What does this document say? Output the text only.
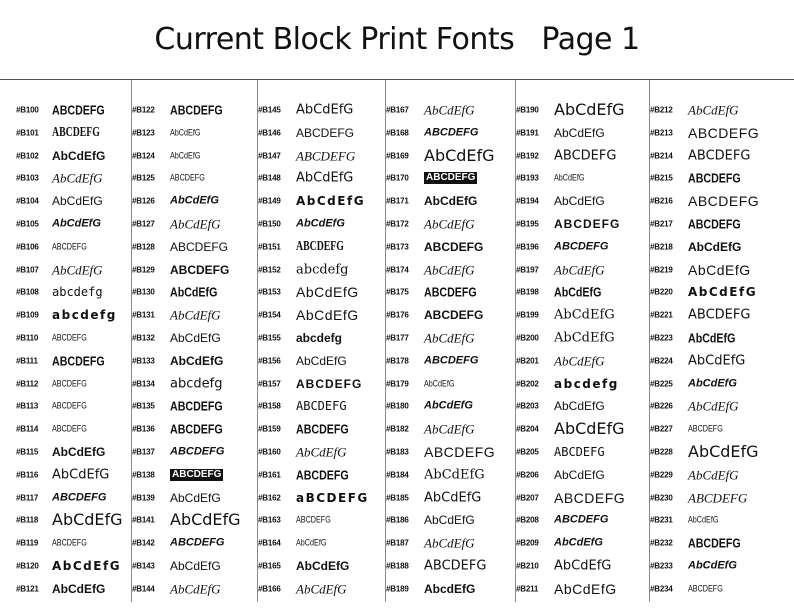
Current Block Print Fonts   Page 1
#B100 ABCDEFG
#B101 ABCDEFG
#B102 AbCdEfG
#B103 AbCdEfG
#B104 AbCdEfG
#B105 AbCdEfG
#B106 ABCDEFG
#B107 AbCdEfG
#B108 abcdefg
#B109 abcdefg
#B110 ABCDEFG
#B111 ABCDEFG
#B112 ABCDEFG
#B113 ABCDEFG
#B114 ABCDEFG
#B115 AbCdEfG
#B116 AbCdEfG
#B117 ABCDEFG
#B118 AbCdEfG
#B119 ABCDEFG
#B120 AbCdEfG
#B121 AbCdEfG
#B122 ABCDEFG
#B123 AbCdEfG
#B124 AbCdEfG
#B125 ABCDEFG
#B126 AbCdEfG
#B127 AbCdEfG
#B128 ABCDEFG
#B129 ABCDEFG
#B130 AbCdEfG
#B131 AbCdEfG
#B132 AbCdEfG
#B133 AbCdEfG
#B134 abcdefg
#B135 ABCDEFG
#B136 ABCDEFG
#B137 ABCDEFG
#B138 ABCDEFG
#B139 AbCdEfG
#B141 AbCdEfG
#B142 ABCDEFG
#B143 AbCdEfG
#B144 AbCdEfG
#B145 AbCdEfG
#B146 ABCDEFG
#B147 ABCDEFG
#B148 AbCdEfG
#B149 AbCdEfG
#B150 AbCdEfG
#B151 ABCDEFG
#B152 abcdefg
#B153 AbCdEfG
#B154 AbCdEfG
#B155 abcdefg
#B156 AbCdEfG
#B157 ABCDEFG
#B158 ABCDEFG
#B159 ABCDEFG
#B160 AbCdEfG
#B161 ABCDEFG
#B162 aBCDEFG
#B163 ABCDEFG
#B164 AbCdEfG
#B165 AbCdEfG
#B166 AbCdEfG
#B167 AbCdEfG
#B168 ABCDEFG
#B169 AbCdEfG
#B170 ABCDEFG
#B171 AbCdEfG
#B172 AbCdEfG
#B173 ABCDEFG
#B174 AbCdEfG
#B175 ABCDEFG
#B176 ABCDEFG
#B177 AbCdEfG
#B178 ABCDEFG
#B179 AbCdEfG
#B180 AbCdEfG
#B182 AbCdEfG
#B183 ABCDEFG
#B184 AbCdEfG
#B185 AbCdEfG
#B186 AbCdEfG
#B187 AbCdEfG
#B188 ABCDEFG
#B189 AbcdEfG
#B190 AbCdEfG
#B191 AbCdEfG
#B192 ABCDEFG
#B193 AbCdEfG
#B194 AbCdEfG
#B195 ABCDEFG
#B196 ABCDEFG
#B197 AbCdEfG
#B198 AbCdEfG
#B199 AbCdEfG
#B200 AbCdEfG
#B201 AbCdEfG
#B202 abcdefg
#B203 AbCdEfG
#B204 AbCdEfG
#B205 ABCDEFG
#B206 AbCdEfG
#B207 ABCDEFG
#B208 ABCDEFG
#B209 AbCdEfG
#B210 AbCdEfG
#B211 AbCdEfG
#B212 AbCdEfG
#B213 ABCDEFG
#B214 ABCDEFG
#B215 ABCDEFG
#B216 ABCDEFG
#B217 ABCDEFG
#B218 AbCdEfG
#B219 AbCdEfG
#B220 AbCdEfG
#B221 ABCDEFG
#B223 AbCdEfG
#B224 AbCdEfG
#B225 AbCdEfG
#B226 AbCdEfG
#B227 ABCDEFG
#B228 AbCdEfG
#B229 AbCdEfG
#B230 ABCDEFG
#B231 AbCdEfG
#B232 ABCDEFG
#B233 AbCdEfG
#B234 ABCDEFG
